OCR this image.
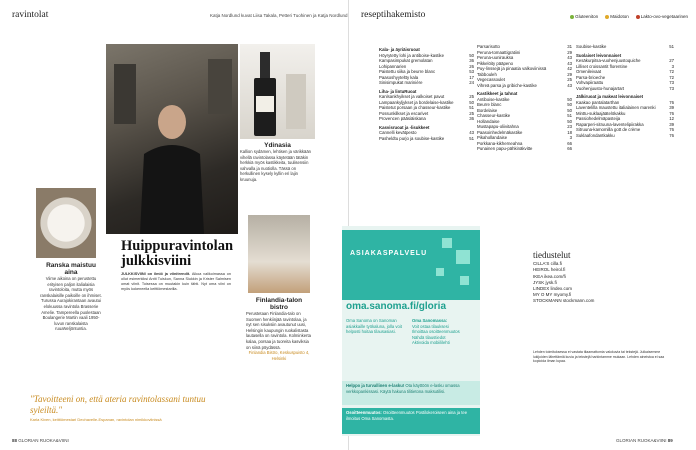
ravintolat	Katja Nordlund kuvat Liisa Takala, Petteri Tuohinen ja Katja Nordlund
Ydinasia
Kallion sydämen, lehtisen ja värikkään vihellä ravintolassa käytetään tätäkin herkkiä myös kastikkeita, tuulisensiin vahvalla ja nuotiolla. Tässä on herkullinen kysely kyllin eri lajin kruunuja.
Ranska maistuu aina
Viime aikoina on perustettu erityisen paljon italialaisia ravintoloita, mutta myös ranskalaisille paikoille on ihmiset. Turussa Aurajokirantaan avautui elokuussa ravintola Brasserie Amelie. Tampereella puolestaan Boulangerie Martin vaali 1950-luvun ranskalaista ruuaNeljöntuntia.
Huippuravintolan julkkisviini
JULKKISVIINI on ilmiö ja viinitrendit. Aikoa valikoimassa on ollut esimerkiksi Antti Tuiskun, Sanna Siukkin ja Krister Salmisen omat viinit. Toisessa on muutakin kuin tähti. Nyt oma viini on myös kokeneella keittiömestarilla.
Finlandia-talon bistro
Perustetaan Finlandia-talo on Suomen henkiinjää ravintolaa, ja nyt sen sisuksiin avautunut uusi, Helsingin kaupungin ruokalistasta lautasella on ravintola. Kolminkerta kalaa, porsaa ja tuoreita kasviksia on siinä pöydässä.
Finlandia Bistro, Keskuspuisto 4, Helsinki
"Tavoitteeni on, että ateria ravintolassani tuntuu syleiltä."
Karla Kiven, keittiömestari Dechavelle-Espanan, ravintolan nimikkoviinissä
88 GLORIAN RUOKA&VIINI
reseptihakemisto	Gluteeniton	Maidoton	Lakto-ovo-vegetaarinen
Kala- ja äyriäisruoat
Höyrytetty lohi ja antiboise-kastike	50
Kampasimpukat gremolatan	36
Lohipannarien	26
Paistettu siika ja beurre blanc	53
Paasoshyyteltty kala	17
Sinisimpukat marinière	24
Liha- ja lintuRuoat
Kanlsankhyikset ja valkoiset pavut	25
Lampaankyljykset ja bordelaise-kastike	50
Paistetut porsaan ja chasseur-kastike	51
Possunkilkset ja escarivet	25
Provencen pääsiäiskana	36
Kasvisruoat ja -lisukkeet
Cannelli kevätpesto	43
Pasheldtu purjo ja soubise-kastike	51
Parsarisotto	31
Peruna-tomaattigratiini	29
Peruna-uunirauksa	43
Pikkelöity pääpeno	43
Puy-linssejä ja pinaatia valkoviinissä	42
Tabbouleh	29
Vegecassoulet	25
Vihreä parsa ja gribiche-kastike	43
Kastikkeet ja tahnat
Antiboise-kastike	50
Beurre blanc	50
Bordelaise	50
Chasseur-kastike	51
Hollandaise	50
Mustapapu-oliivitahna	23
Paasoinhedelmäkastike	18
Pikahollandaise	3
Porkkana-kikherneahna	66
Punainen papu-pähkinäkvitte	66
Soubise-kastike	51
Suolaiset leivonnaiset
Kesäkurpitsa-vuohenjuustoquiche	27
Lilliset croissantit florentine	3
Omenileivaat	72
Parsa-brioeche	72
Vohvapiiraattu	73
Vuohenjuusto-hunajartart	73
Jälkiruoat ja makeat leivonnaiset
Kaakao pantalatarthan	76
Laventelilla maustettu italialainen marenki	39
Minttu-suklaajäätelökakku	76
Passiohedelmäpasteija	12
Raparperi-sitruuna-laventelipiirakka	39
Sitruuna-kamomilla gott de crème	76
Suklaafondantkakku	76
ASIAKASPALVELU
oma.sanoma.fi/gloria
Oma Sanoma on Sanoman asiakkaille työkaluna, jolla voit helposti hoitaa tilausasiasi.
Oma Sanomassa:
Voit ostaa tilauksesi
Ilmoittaa osoitteenmuutos
Nähdä tilaustiedot
Aktivoida mobiililehti
Helppo ja turvallinen e-lasku! Ota käyttöön e-lasku omassa verkkopankissasi. Käytä hakuna tilitietona maksutilisi.
Osoitteenmuutos: Osoitteenmuutos Postilokeroiseen aina ja tee ilmoitus Oma Sanomasta.
tiedustelut
CILLA'S cilla.fi
HEIROL heirol.fi
IKEA ikea.com/fi
JYSK jysk.fi
LINDEX lindex.com
MY O MY myomy.fi
STOCKMANN stockmann.com
Lehden toimituksessa ei vastata tilaamattomia valokuvia tai tekstejä. Julkaisemme lukijoiden lähettämiä kuvia ja tekstejä harkintamme mukaan. Lehden aineistoa ei saa kopioida ilman lupaa.
GLORIAN RUOKA&VIINI 89
